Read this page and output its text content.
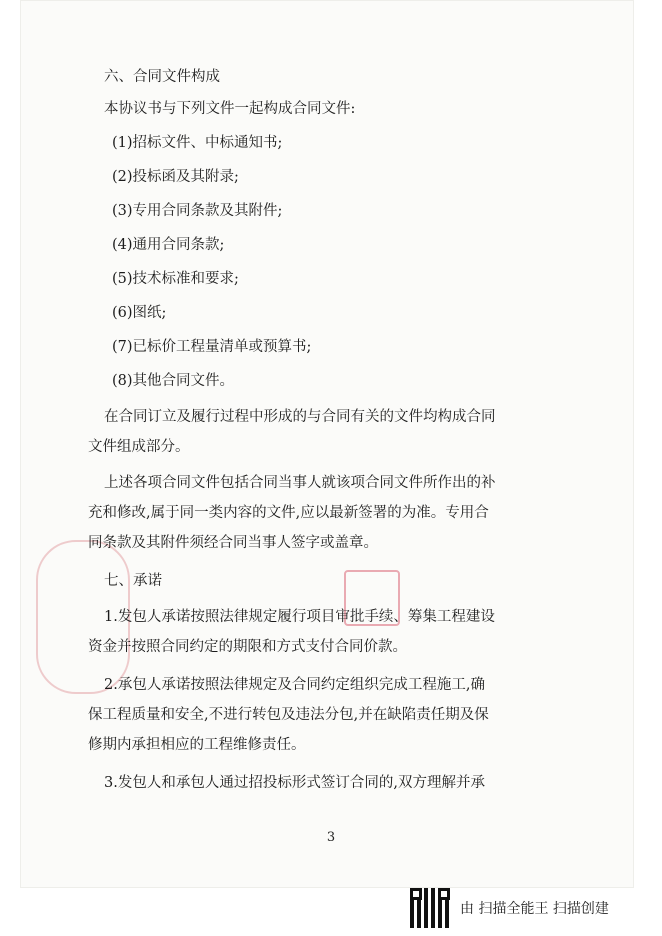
六、合同文件构成
本协议书与下列文件一起构成合同文件:
(1)招标文件、中标通知书;
(2)投标函及其附录;
(3)专用合同条款及其附件;
(4)通用合同条款;
(5)技术标准和要求;
(6)图纸;
(7)已标价工程量清单或预算书;
(8)其他合同文件。
在合同订立及履行过程中形成的与合同有关的文件均构成合同
文件组成部分。
上述各项合同文件包括合同当事人就该项合同文件所作出的补
充和修改,属于同一类内容的文件,应以最新签署的为准。专用合
同条款及其附件须经合同当事人签字或盖章。
七、承诺
1.发包人承诺按照法律规定履行项目审批手续、筹集工程建设
资金并按照合同约定的期限和方式支付合同价款。
2.承包人承诺按照法律规定及合同约定组织完成工程施工,确
保工程质量和安全,不进行转包及违法分包,并在缺陷责任期及保
修期内承担相应的工程维修责任。
3.发包人和承包人通过招投标形式签订合同的,双方理解并承
3
由 扫描全能王 扫描创建
